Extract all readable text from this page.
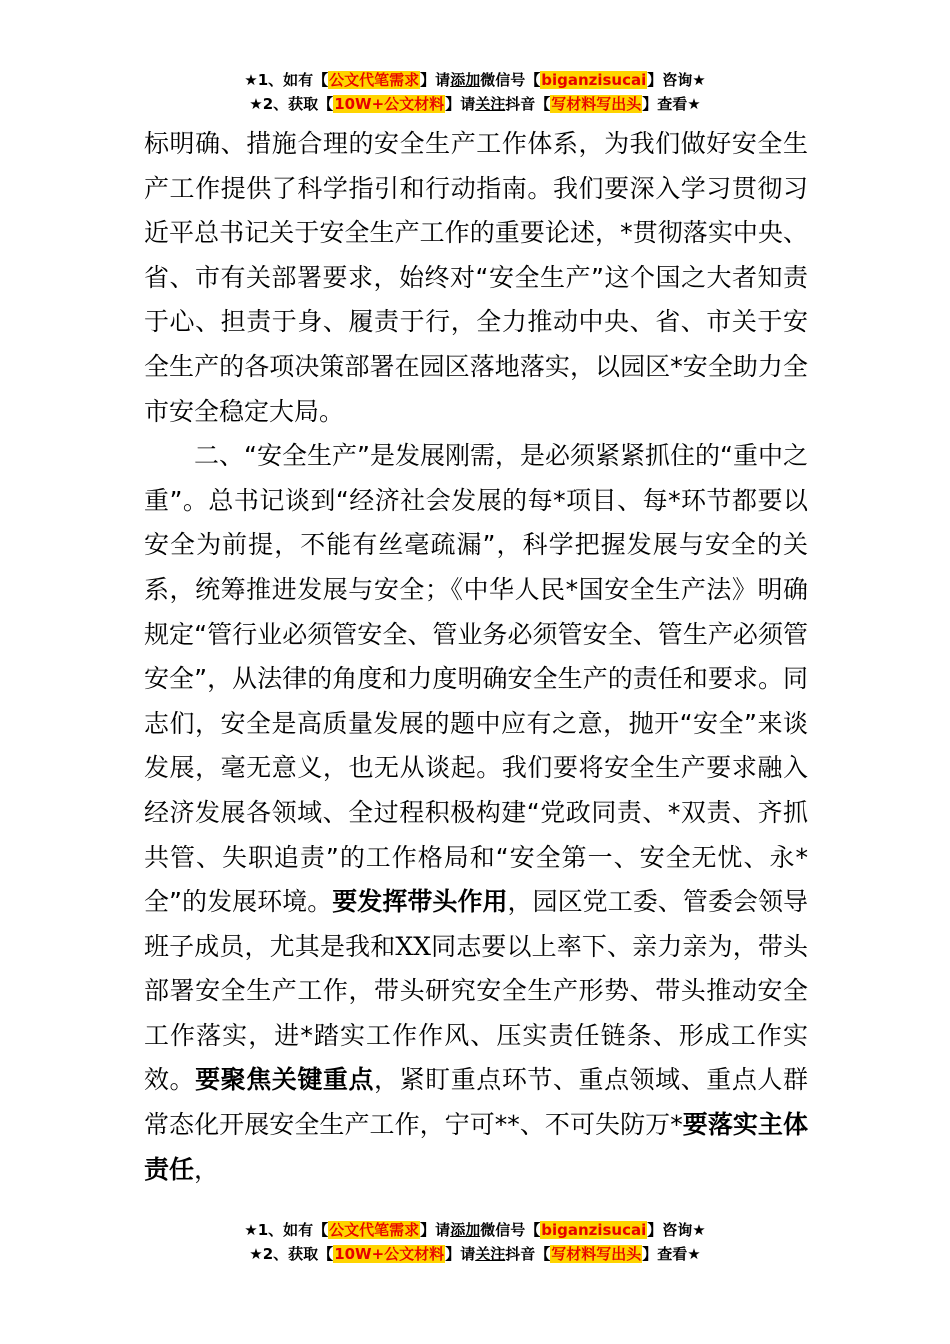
★1、如有【公文代笔需求】请添加微信号【biganzisucai】咨询★
★2、获取【10W+公文材料】请关注抖音【写材料写出头】查看★

标明确、措施合理的安全生产工作体系，为我们做好安全生产工作提供了科学指引和行动指南。我们要深入学习贯彻习近平总书记关于安全生产工作的重要论述，*贯彻落实中央、省、市有关部署要求，始终对“安全生产”这个国之大者知责于心、担责于身、履责于行，全力推动中央、省、市关于安全生产的各项决策部署在园区落地落实，以园区*安全助力全市安全稳定大局。

二、“安全生产”是发展刚需，是必须紧紧抓住的“重中之重”。总书记谈到“经济社会发展的每*项目、每*环节都要以安全为前提，不能有丝毫疏漏”，科学把握发展与安全的关系，统筹推进发展与安全；《中华人民*国安全生产法》明确规定“管行业必须管安全、管业务必须管安全、管生产必须管安全”，从法律的角度和力度明确安全生产的责任和要求。同志们，安全是高质量发展的题中应有之意，抛开“安全”来谈发展，毫无意义，也无从谈起。我们要将安全生产要求融入经济发展各领域、全过程积极构建“党政同责、*双责、齐抓共管、失职追责”的工作格局和“安全第一、安全无忧、永*全”的发展环境。要发挥带头作用，园区党工委、管委会领导班子成员，尤其是我和XX同志要以上率下、亲力亲为，带头部署安全生产工作，带头研究安全生产形势、带头推动安全工作落实，进*踏实工作作风、压实责任链条、形成工作实效。要聚焦关键重点，紧盯重点环节、重点领域、重点人群常态化开展安全生产工作，宁可**、不可失防万*要落实主体责任，

★1、如有【公文代笔需求】请添加微信号【biganzisucai】咨询★
★2、获取【10W+公文材料】请关注抖音【写材料写出头】查看★
